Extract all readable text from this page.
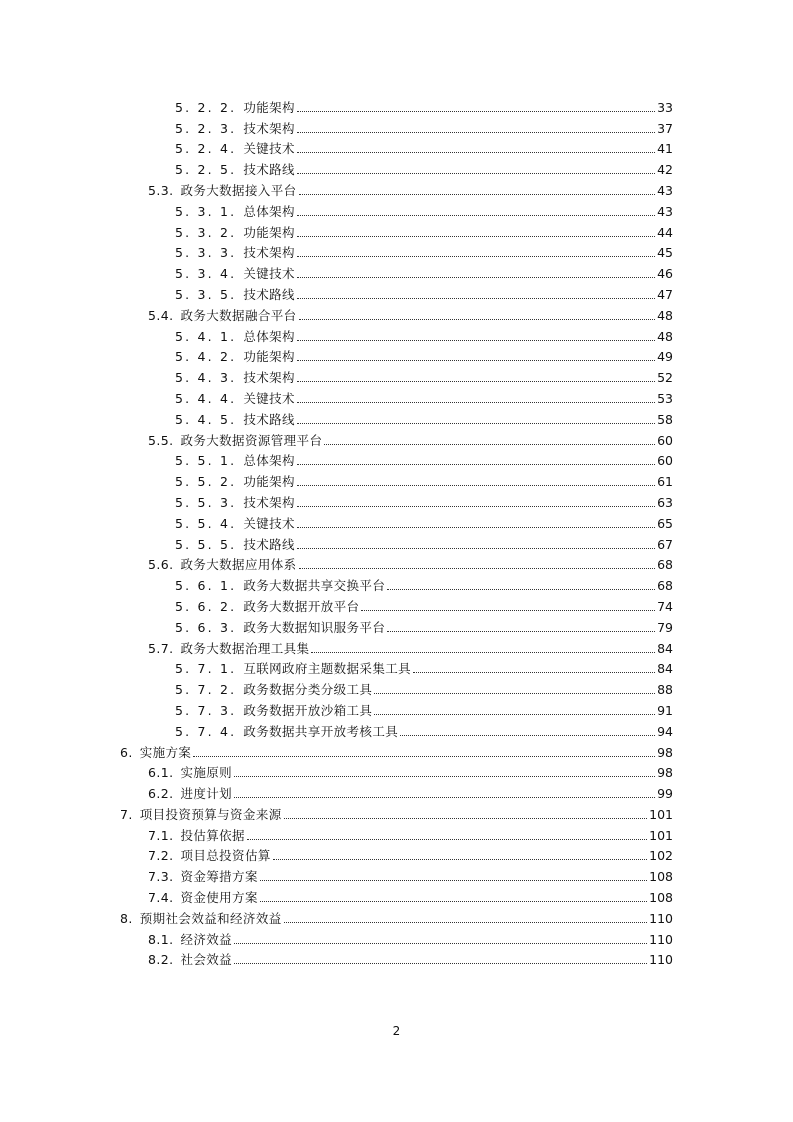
5. 2. 2. 功能架构	33
5. 2. 3. 技术架构	37
5. 2. 4. 关键技术	41
5. 2. 5. 技术路线	42
5.3. 政务大数据接入平台	43
5. 3. 1. 总体架构	43
5. 3. 2. 功能架构	44
5. 3. 3. 技术架构	45
5. 3. 4. 关键技术	46
5. 3. 5. 技术路线	47
5.4. 政务大数据融合平台	48
5. 4. 1. 总体架构	48
5. 4. 2. 功能架构	49
5. 4. 3. 技术架构	52
5. 4. 4. 关键技术	53
5. 4. 5. 技术路线	58
5.5. 政务大数据资源管理平台	60
5. 5. 1. 总体架构	60
5. 5. 2. 功能架构	61
5. 5. 3. 技术架构	63
5. 5. 4. 关键技术	65
5. 5. 5. 技术路线	67
5.6. 政务大数据应用体系	68
5. 6. 1. 政务大数据共享交换平台	68
5. 6. 2. 政务大数据开放平台	74
5. 6. 3. 政务大数据知识服务平台	79
5.7. 政务大数据治理工具集	84
5. 7. 1. 互联网政府主题数据采集工具	84
5. 7. 2. 政务数据分类分级工具	88
5. 7. 3. 政务数据开放沙箱工具	91
5. 7. 4. 政务数据共享开放考核工具	94
6. 实施方案	98
6.1. 实施原则	98
6.2. 进度计划	99
7. 项目投资预算与资金来源	101
7.1. 投估算依据	101
7.2. 项目总投资估算	102
7.3. 资金筹措方案	108
7.4. 资金使用方案	108
8. 预期社会效益和经济效益	110
8.1. 经济效益	110
8.2. 社会效益	110
2
